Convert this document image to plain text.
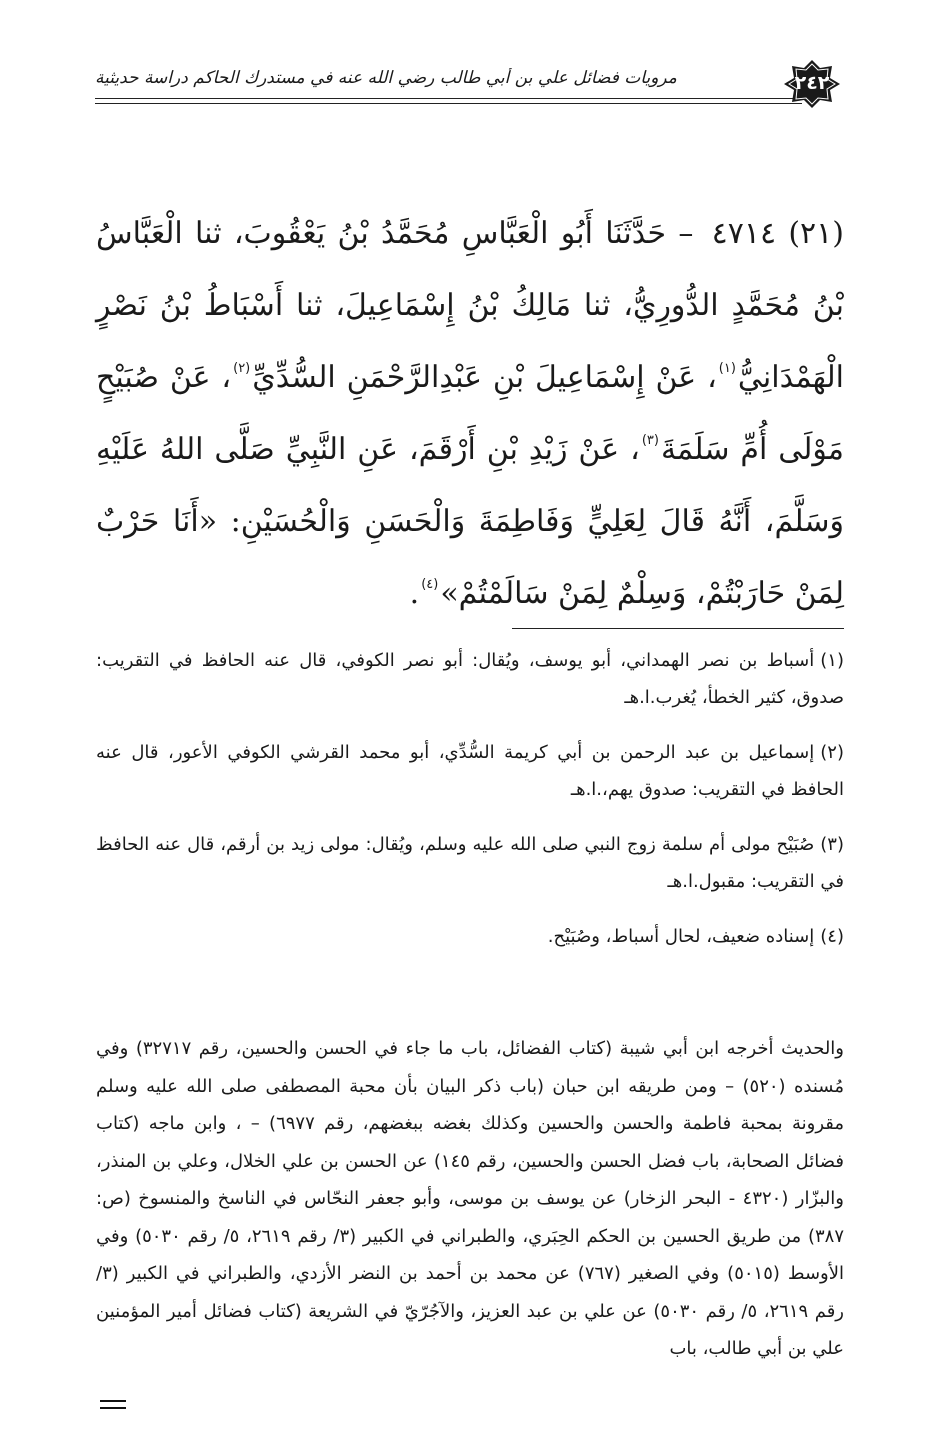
مرويات فضائل علي بن أبي طالب رضي الله عنه في مستدرك الحاكم دراسة حديثية	٢٤٢
(٢١) ٤٧١٤ – حَدَّثَنَا أَبُو الْعَبَّاسِ مُحَمَّدُ بْنُ يَعْقُوبَ، ثنا الْعَبَّاسُ بْنُ مُحَمَّدٍ الدُّورِيُّ، ثنا مَالِكُ بْنُ إِسْمَاعِيلَ، ثنا أَسْبَاطُ بْنُ نَصْرٍ الْهَمْدَانِيُّ$^{(١)}$، عَنْ إِسْمَاعِيلَ بْنِ عَبْدِالرَّحْمَنِ السُّدِّيِّ$^{(٢)}$، عَنْ صُبَيْحٍ مَوْلَى أُمِّ سَلَمَةَ$^{(٣)}$، عَنْ زَيْدِ بْنِ أَرْقَمَ، عَنِ النَّبِيِّ صَلَّى اللهُ عَلَيْهِ وَسَلَّمَ، أَنَّهُ قَالَ لِعَلِيٍّ وَفَاطِمَةَ وَالْحَسَنِ وَالْحُسَيْنِ: «أَنَا حَرْبٌ لِمَنْ حَارَبْتُمْ، وَسِلْمٌ لِمَنْ سَالَمْتُمْ»$^{(٤)}$.

(١)أسباط بن نصر الهمداني، أبو يوسف، ويُقال: أبو نصر الكوفي، قال عنه الحافظ في التقريب: صدوق، كثير الخطأ، يُغرب.ا.هـ

(٢)إسماعيل بن عبد الرحمن بن أبي كريمة السُّدِّي، أبو محمد القرشي الكوفي الأعور، قال عنه الحافظ في التقريب: صدوق يهم،.ا.هـ

(٣)صُبَيْح مولى أم سلمة زوج النبي صلى الله عليه وسلم، ويُقال: مولى زيد بن أرقم، قال عنه الحافظ في التقريب: مقبول.ا.هـ

(٤)إسناده ضعيف، لحال أسباط، وصُبَيْح.

والحديث أخرجه ابن أبي شيبة (كتاب الفضائل، باب ما جاء في الحسن والحسين، رقم ٣٢٧١٧) وفي مُسنده (٥٢٠) – ومن طريقه ابن حبان (باب ذكر البيان بأن محبة المصطفى صلى الله عليه وسلم مقرونة بمحبة فاطمة والحسن والحسين وكذلك بغضه ببغضهم، رقم ٦٩٧٧) – ، وابن ماجه (كتاب فضائل الصحابة، باب فضل الحسن والحسين، رقم ١٤٥) عن الحسن بن علي الخلال، وعلي بن المنذر، والبزّار (٤٣٢٠ - البحر الزخار) عن يوسف بن موسى، وأبو جعفر النحّاس في الناسخ والمنسوخ (ص: ٣٨٧) من طريق الحسين بن الحكم الحِبَري، والطبراني في الكبير (٣/ رقم ٢٦١٩، ٥/ رقم ٥٠٣٠) وفي الأوسط (٥٠١٥) وفي الصغير (٧٦٧) عن محمد بن أحمد بن النضر الأزدي، والطبراني في الكبير (٣/ رقم ٢٦١٩، ٥/ رقم ٥٠٣٠) عن علي بن عبد العزيز، والآجُرّيّ في الشريعة (كتاب فضائل أمير المؤمنين علي بن أبي طالب، باب
